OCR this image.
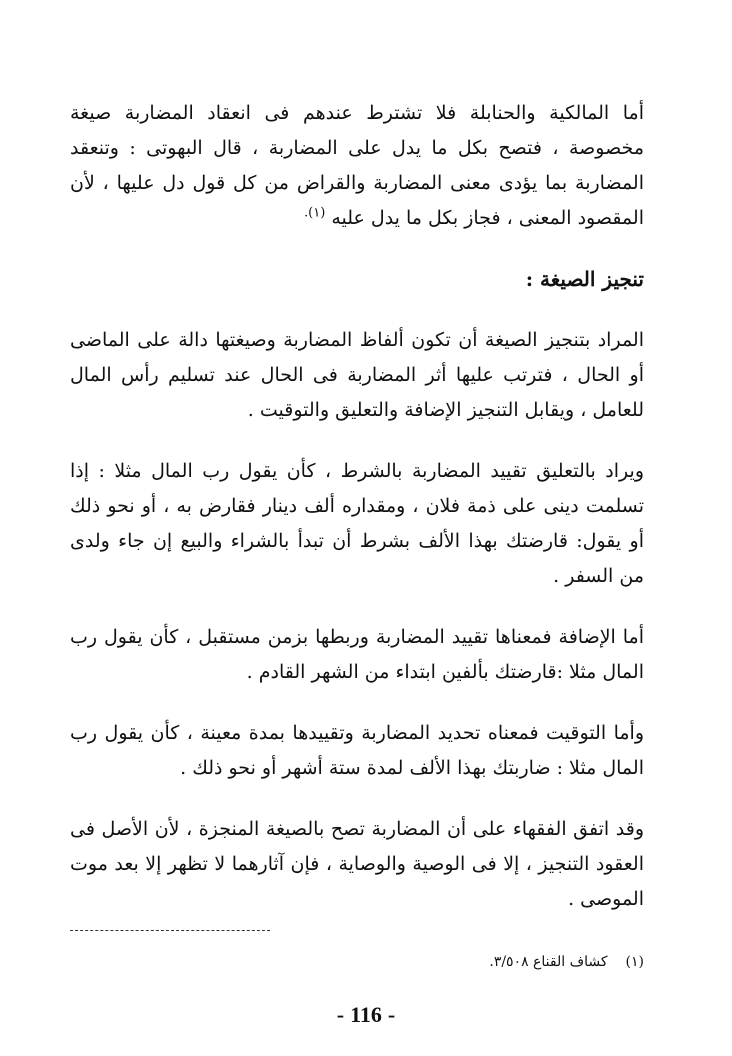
أما المالكية والحنابلة فلا تشترط عندهم فى انعقاد المضاربة صيغة مخصوصة ، فتصح بكل ما يدل على المضاربة ، قال البهوتى : وتنعقد المضاربة بما يؤدى معنى المضاربة والقراض من كل قول دل عليها ، لأن المقصود المعنى ، فجاز بكل ما يدل عليه $^{(١).}$

تنجيز الصيغة :

المراد بتنجيز الصيغة أن تكون ألفاظ المضاربة وصيغتها دالة على الماضى أو الحال ، فترتب عليها أثر المضاربة فى الحال عند تسليم رأس المال للعامل ، ويقابل التنجيز الإضافة والتعليق والتوقيت .

ويراد بالتعليق تقييد المضاربة بالشرط ، كأن يقول رب المال مثلا : إذا تسلمت دينى على ذمة فلان ، ومقداره ألف دينار فقارض به ، أو نحو ذلك أو يقول: قارضتك بهذا الألف بشرط أن تبدأ بالشراء والبيع إن جاء ولدى من السفر .

أما الإضافة فمعناها تقييد المضاربة وربطها بزمن مستقبل ، كأن يقول رب المال مثلا :قارضتك بألفين ابتداء من الشهر القادم .

وأما التوقيت فمعناه تحديد المضاربة وتقييدها بمدة معينة ، كأن يقول رب المال مثلا : ضاربتك بهذا الألف لمدة ستة أشهر أو نحو ذلك .

وقد اتفق الفقهاء على أن المضاربة تصح بالصيغة المنجزة ، لأن الأصل فى العقود التنجيز ، إلا فى الوصية والوصاية ، فإن آثارهما لا تظهر إلا بعد موت الموصى .

(١)كشاف القناع ٣/٥٠٨.
- 116 -
